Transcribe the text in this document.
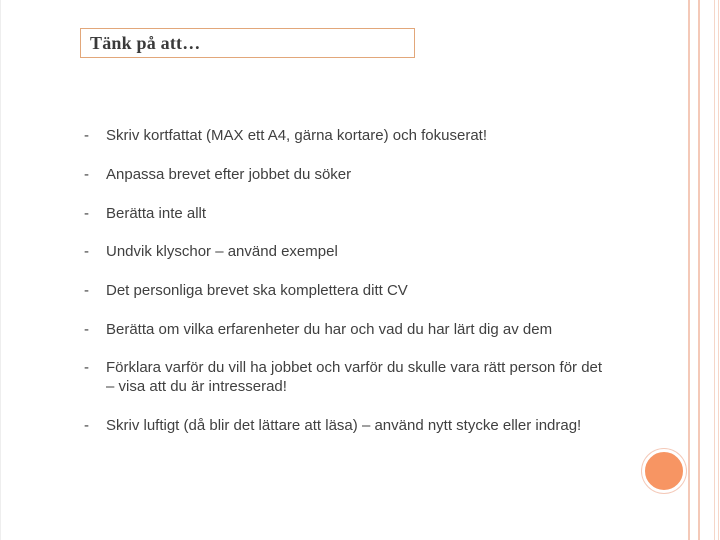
Tänk på att…
-	Skriv kortfattat (MAX ett A4, gärna kortare) och fokuserat!
-	Anpassa brevet efter jobbet du söker
-	Berätta inte allt
-	Undvik klyschor – använd exempel
-	Det personliga brevet ska komplettera ditt CV
-	Berätta om vilka erfarenheter du har och vad du har lärt dig av dem
-	Förklara varför du vill ha jobbet och varför du skulle vara rätt person för det – visa att du är intresserad!
-	Skriv luftigt (då blir det lättare att läsa) – använd nytt stycke eller indrag!
